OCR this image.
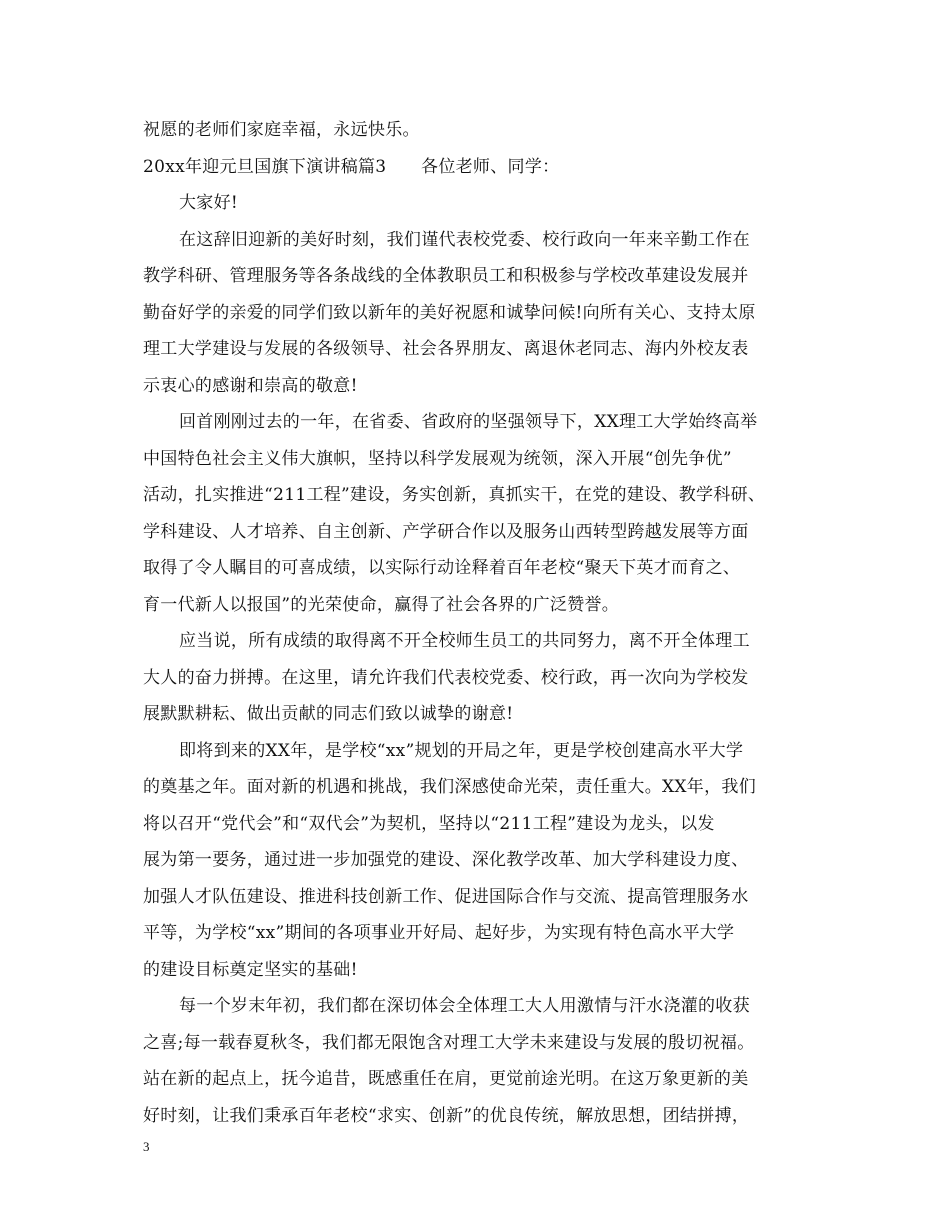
祝愿的老师们家庭幸福，永远快乐。
20xx年迎元旦国旗下演讲稿篇3　　各位老师、同学：
大家好!
在这辞旧迎新的美好时刻，我们谨代表校党委、校行政向一年来辛勤工作在
教学科研、管理服务等各条战线的全体教职员工和积极参与学校改革建设发展并
勤奋好学的亲爱的同学们致以新年的美好祝愿和诚挚问候!向所有关心、支持太原
理工大学建设与发展的各级领导、社会各界朋友、离退休老同志、海内外校友表
示衷心的感谢和崇高的敬意!
回首刚刚过去的一年，在省委、省政府的坚强领导下，XX理工大学始终高举
中国特色社会主义伟大旗帜，坚持以科学发展观为统领，深入开展“创先争优”
活动，扎实推进“211工程”建设，务实创新，真抓实干，在党的建设、教学科研、
学科建设、人才培养、自主创新、产学研合作以及服务山西转型跨越发展等方面
取得了令人瞩目的可喜成绩，以实际行动诠释着百年老校“聚天下英才而育之、
育一代新人以报国”的光荣使命，赢得了社会各界的广泛赞誉。
应当说，所有成绩的取得离不开全校师生员工的共同努力，离不开全体理工
大人的奋力拼搏。在这里，请允许我们代表校党委、校行政，再一次向为学校发
展默默耕耘、做出贡献的同志们致以诚挚的谢意!
即将到来的XX年，是学校“xx”规划的开局之年，更是学校创建高水平大学
的奠基之年。面对新的机遇和挑战，我们深感使命光荣，责任重大。XX年，我们
将以召开“党代会”和“双代会”为契机，坚持以“211工程”建设为龙头，以发
展为第一要务，通过进一步加强党的建设、深化教学改革、加大学科建设力度、
加强人才队伍建设、推进科技创新工作、促进国际合作与交流、提高管理服务水
平等，为学校“xx”期间的各项事业开好局、起好步，为实现有特色高水平大学
的建设目标奠定坚实的基础!
每一个岁末年初，我们都在深切体会全体理工大人用激情与汗水浇灌的收获
之喜;每一载春夏秋冬，我们都无限饱含对理工大学未来建设与发展的殷切祝福。
站在新的起点上，抚今追昔，既感重任在肩，更觉前途光明。在这万象更新的美
好时刻，让我们秉承百年老校“求实、创新”的优良传统，解放思想，团结拼搏，
3
